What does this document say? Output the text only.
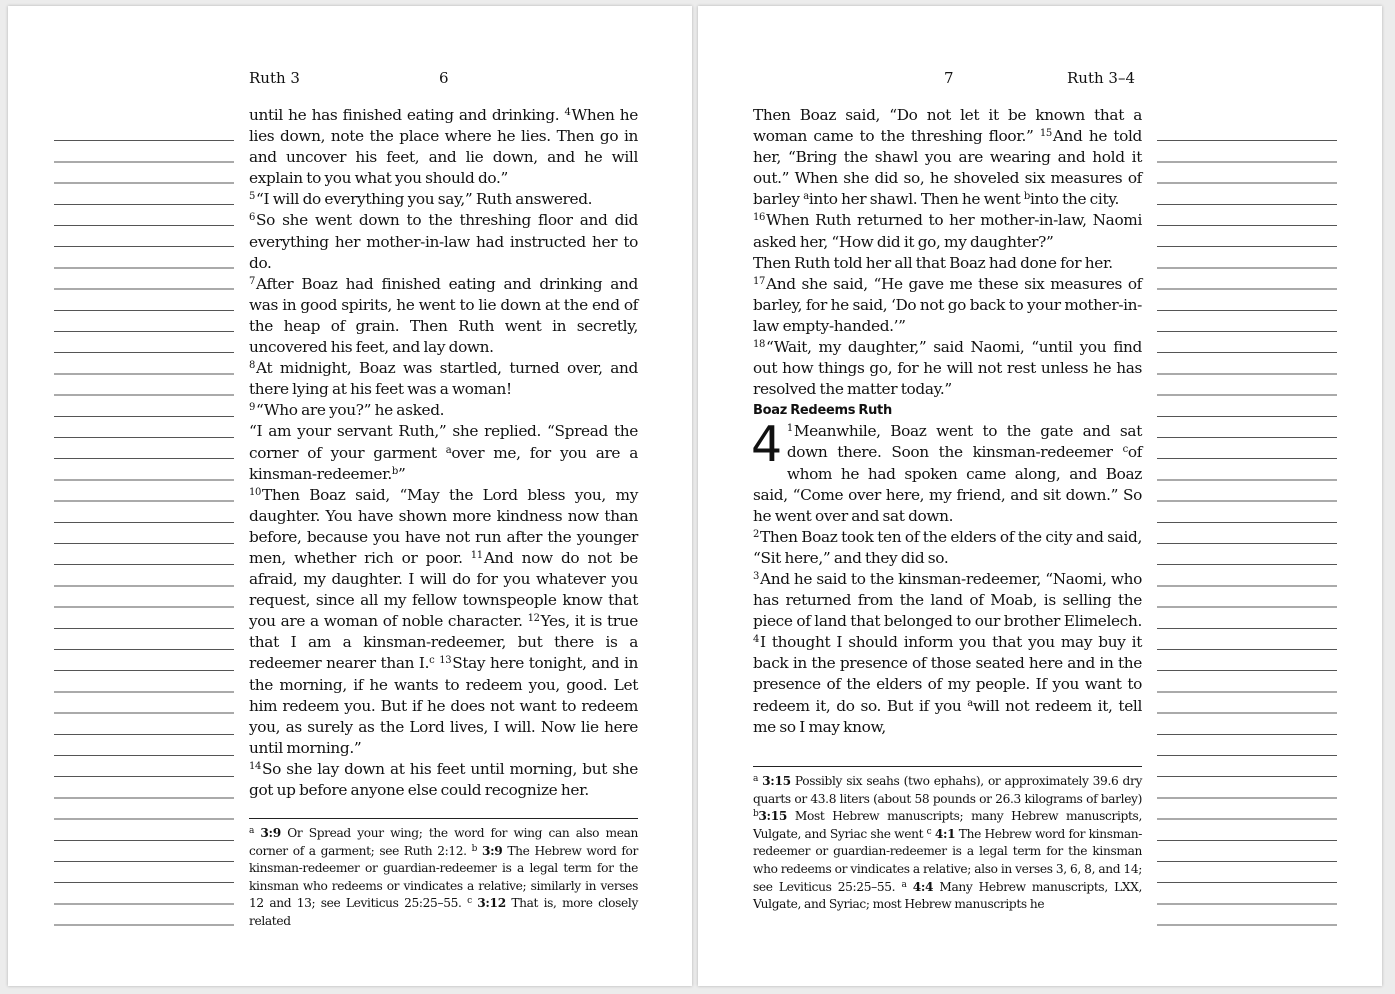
Ruth 3	6

until he has finished eating and drinking. $^4$When he lies down, note the place where he lies. Then go in and uncover his feet, and lie down, and he will explain to you what you should do.”

$^5$“I will do everything you say,” Ruth answered.

$^6$So she went down to the threshing floor and did everything her mother-in-law had instructed her to do.

$^7$After Boaz had finished eating and drinking and was in good spirits, he went to lie down at the end of the heap of grain. Then Ruth went in secretly, uncovered his feet, and lay down.

$^8$At midnight, Boaz was startled, turned over, and there lying at his feet was a woman!

$^9$“Who are you?” he asked.

“I am your servant Ruth,” she replied. “Spread the corner of your garment $^a$over me, for you are a kinsman-redeemer.$^b$”

$^{10}$Then Boaz said, “May the Lord bless you, my daughter. You have shown more kindness now than before, because you have not run after the younger men, whether rich or poor. $^{11}$And now do not be afraid, my daughter. I will do for you whatever you request, since all my fellow townspeople know that you are a woman of noble character. $^{12}$Yes, it is true that I am a kinsman-redeemer, but there is a redeemer nearer than I.$^c$ $^{13}$Stay here tonight, and in the morning, if he wants to redeem you, good. Let him redeem you. But if he does not want to redeem you, as surely as the Lord lives, I will. Now lie here until morning.”

$^{14}$So she lay down at his feet until morning, but she got up before anyone else could recognize her.

$^a$ 3:9 Or Spread your wing; the word for wing can also mean corner of a garment; see Ruth 2:12. $^b$ 3:9 The Hebrew word for kinsman-redeemer or guardian-redeemer is a legal term for the kinsman who redeems or vindicates a relative; similarly in verses 12 and 13; see Leviticus 25:25–55. $^c$ 3:12 That is, more closely related
7	Ruth 3–4

Then Boaz said, “Do not let it be known that a woman came to the threshing floor.” $^{15}$And he told her, “Bring the shawl you are wearing and hold it out.” When she did so, he shoveled six measures of barley $^a$into her shawl. Then he went $^b$into the city.

$^{16}$When Ruth returned to her mother-in-law, Naomi asked her, “How did it go, my daughter?”

Then Ruth told her all that Boaz had done for her.

$^{17}$And she said, “He gave me these six measures of barley, for he said, ‘Do not go back to your mother-in-law empty-handed.’”

$^{18}$“Wait, my daughter,” said Naomi, “until you find out how things go, for he will not rest unless he has resolved the matter today.”

Boaz Redeems Ruth
4 $^1$Meanwhile, Boaz went to the gate and sat down there. Soon the kinsman-redeemer $^c$of whom he had spoken came along, and Boaz said, “Come over here, my friend, and sit down.” So he went over and sat down.

$^2$Then Boaz took ten of the elders of the city and said, “Sit here,” and they did so.

$^3$And he said to the kinsman-redeemer, “Naomi, who has returned from the land of Moab, is selling the piece of land that belonged to our brother Elimelech. $^4$I thought I should inform you that you may buy it back in the presence of those seated here and in the presence of the elders of my people. If you want to redeem it, do so. But if you $^a$will not redeem it, tell me so I may know,

$^a$ 3:15 Possibly six seahs (two ephahs), or approximately 39.6 dry quarts or 43.8 liters (about 58 pounds or 26.3 kilograms of barley) $^b$3:15 Most Hebrew manuscripts; many Hebrew manuscripts, Vulgate, and Syriac she went $^c$ 4:1 The Hebrew word for kinsman-redeemer or guardian-redeemer is a legal term for the kinsman who redeems or vindicates a relative; also in verses 3, 6, 8, and 14; see Leviticus 25:25–55. $^a$ 4:4 Many Hebrew manuscripts, LXX, Vulgate, and Syriac; most Hebrew manuscripts he
